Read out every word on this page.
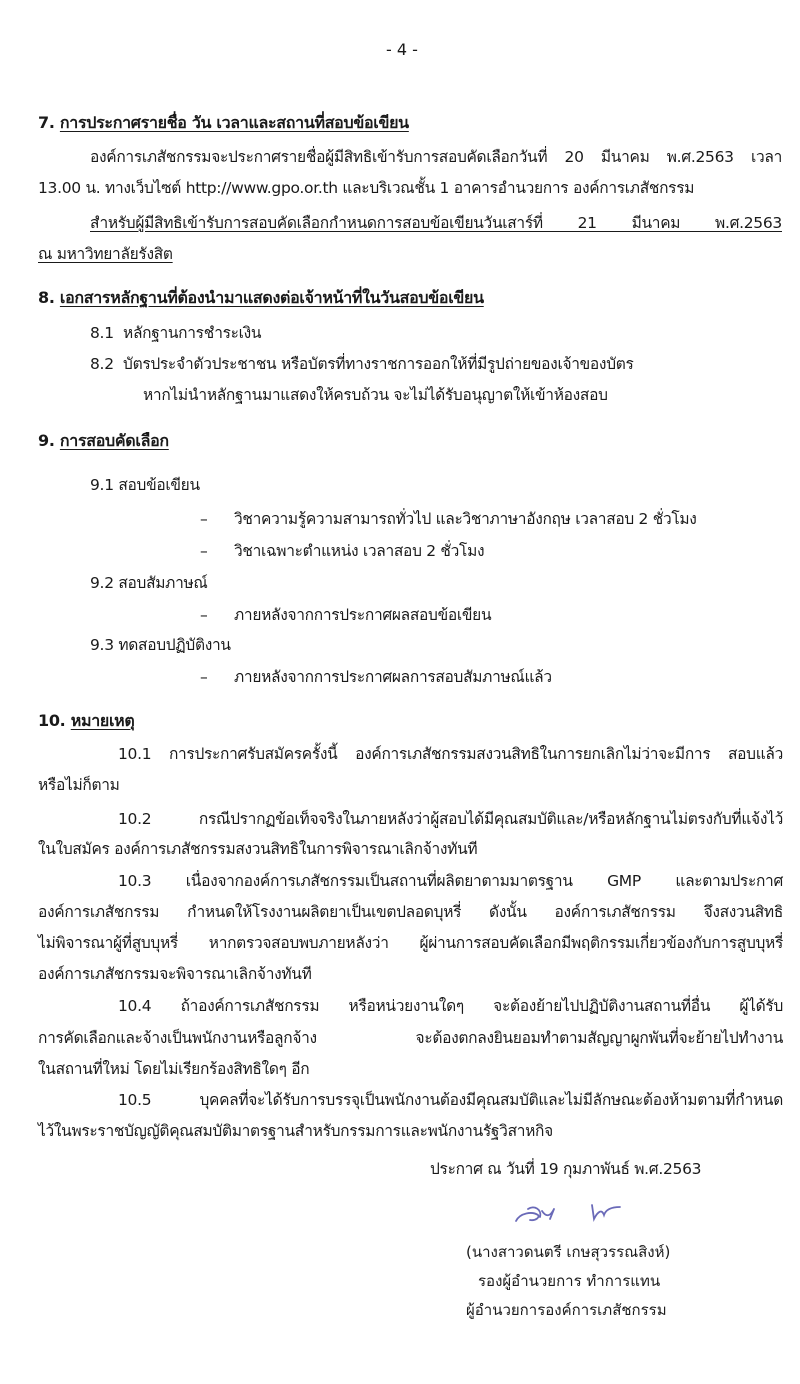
- 4 -
7. การประกาศรายชื่อ วัน เวลาและสถานที่สอบข้อเขียน
องค์การเภสัชกรรมจะประกาศรายชื่อผู้มีสิทธิเข้ารับการสอบคัดเลือกวันที่ 20 มีนาคม พ.ศ.2563 เวลา
13.00 น. ทางเว็บไซต์ http://www.gpo.or.th และบริเวณชั้น 1 อาคารอำนวยการ องค์การเภสัชกรรม
สำหรับผู้มีสิทธิเข้ารับการสอบคัดเลือกกำหนดการสอบข้อเขียนวันเสาร์ที่ 21 มีนาคม พ.ศ.2563
ณ มหาวิทยาลัยรังสิต
8. เอกสารหลักฐานที่ต้องนำมาแสดงต่อเจ้าหน้าที่ในวันสอบข้อเขียน
8.1 หลักฐานการชำระเงิน
8.2 บัตรประจำตัวประชาชน หรือบัตรที่ทางราชการออกให้ที่มีรูปถ่ายของเจ้าของบัตร
หากไม่นำหลักฐานมาแสดงให้ครบถ้วน จะไม่ได้รับอนุญาตให้เข้าห้องสอบ
9. การสอบคัดเลือก
9.1 สอบข้อเขียน
– วิชาความรู้ความสามารถทั่วไป และวิชาภาษาอังกฤษ เวลาสอบ 2 ชั่วโมง
– วิชาเฉพาะตำแหน่ง เวลาสอบ 2 ชั่วโมง
9.2 สอบสัมภาษณ์
– ภายหลังจากการประกาศผลสอบข้อเขียน
9.3 ทดสอบปฏิบัติงาน
– ภายหลังจากการประกาศผลการสอบสัมภาษณ์แล้ว
10. หมายเหตุ
10.1 การประกาศรับสมัครครั้งนี้ องค์การเภสัชกรรมสงวนสิทธิในการยกเลิกไม่ว่าจะมีการ สอบแล้ว
หรือไม่ก็ตาม
10.2 กรณีปรากฏข้อเท็จจริงในภายหลังว่าผู้สอบได้มีคุณสมบัติและ/หรือหลักฐานไม่ตรงกับที่แจ้งไว้
ในใบสมัคร องค์การเภสัชกรรมสงวนสิทธิในการพิจารณาเลิกจ้างทันที
10.3 เนื่องจากองค์การเภสัชกรรมเป็นสถานที่ผลิตยาตามมาตรฐาน GMP และตามประกาศ
องค์การเภสัชกรรม กำหนดให้โรงงานผลิตยาเป็นเขตปลอดบุหรี่ ดังนั้น องค์การเภสัชกรรม จึงสงวนสิทธิ
ไม่พิจารณาผู้ที่สูบบุหรี่ หากตรวจสอบพบภายหลังว่า ผู้ผ่านการสอบคัดเลือกมีพฤติกรรมเกี่ยวข้องกับการสูบบุหรี่
องค์การเภสัชกรรมจะพิจารณาเลิกจ้างทันที
10.4 ถ้าองค์การเภสัชกรรม หรือหน่วยงานใดๆ จะต้องย้ายไปปฏิบัติงานสถานที่อื่น ผู้ได้รับ
การคัดเลือกและจ้างเป็นพนักงานหรือลูกจ้าง จะต้องตกลงยินยอมทำตามสัญญาผูกพันที่จะย้ายไปทำงาน
ในสถานที่ใหม่ โดยไม่เรียกร้องสิทธิใดๆ อีก
10.5 บุคคลที่จะได้รับการบรรจุเป็นพนักงานต้องมีคุณสมบัติและไม่มีลักษณะต้องห้ามตามที่กำหนด
ไว้ในพระราชบัญญัติคุณสมบัติมาตรฐานสำหรับกรรมการและพนักงานรัฐวิสาหกิจ
ประกาศ ณ วันที่ 19 กุมภาพันธ์ พ.ศ.2563
(นางสาวดนตรี เกษสุวรรณสิงห์)
รองผู้อำนวยการ ทำการแทน
ผู้อำนวยการองค์การเภสัชกรรม
